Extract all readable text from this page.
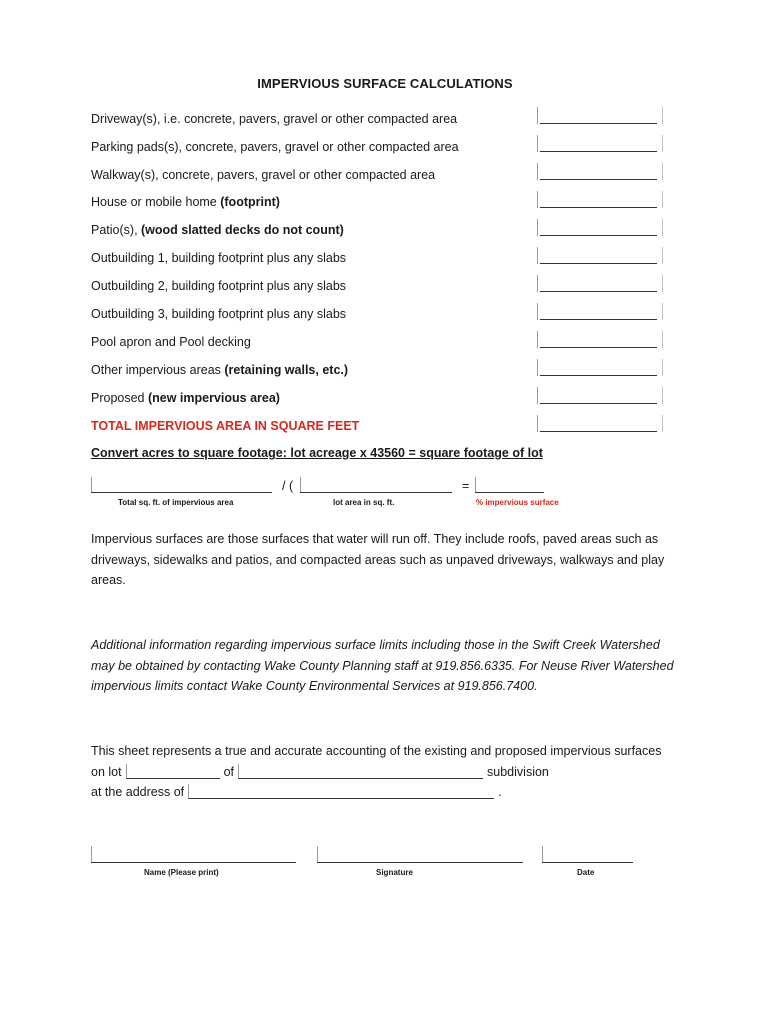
IMPERVIOUS SURFACE CALCULATIONS
Driveway(s), i.e. concrete, pavers, gravel or other compacted area
Parking pads(s), concrete, pavers, gravel or other compacted area
Walkway(s), concrete, pavers, gravel or other compacted area
House or mobile home (footprint)
Patio(s), (wood slatted decks do not count)
Outbuilding 1, building footprint plus any slabs
Outbuilding 2, building footprint plus any slabs
Outbuilding 3, building footprint plus any slabs
Pool apron and Pool decking
Other impervious areas (retaining walls, etc.)
Proposed (new impervious area)
TOTAL IMPERVIOUS AREA IN SQUARE FEET
Convert acres to square footage: lot acreage x 43560 = square footage of lot
/ (	=
Total sq. ft. of impervious area	lot area in sq. ft.	% impervious surface
Impervious surfaces are those surfaces that water will run off. They include roofs, paved areas such as driveways, sidewalks and patios, and compacted areas such as unpaved driveways, walkways and play areas.
Additional information regarding impervious surface limits including those in the Swift Creek Watershed may be obtained by contacting Wake County Planning staff at 919.856.6335. For Neuse River Watershed impervious limits contact Wake County Environmental Services at 919.856.7400.
This sheet represents a true and accurate accounting of the existing and proposed impervious surfaces
on lot	of	subdivision
at the address of	.
Name (Please print)	Signature	Date
